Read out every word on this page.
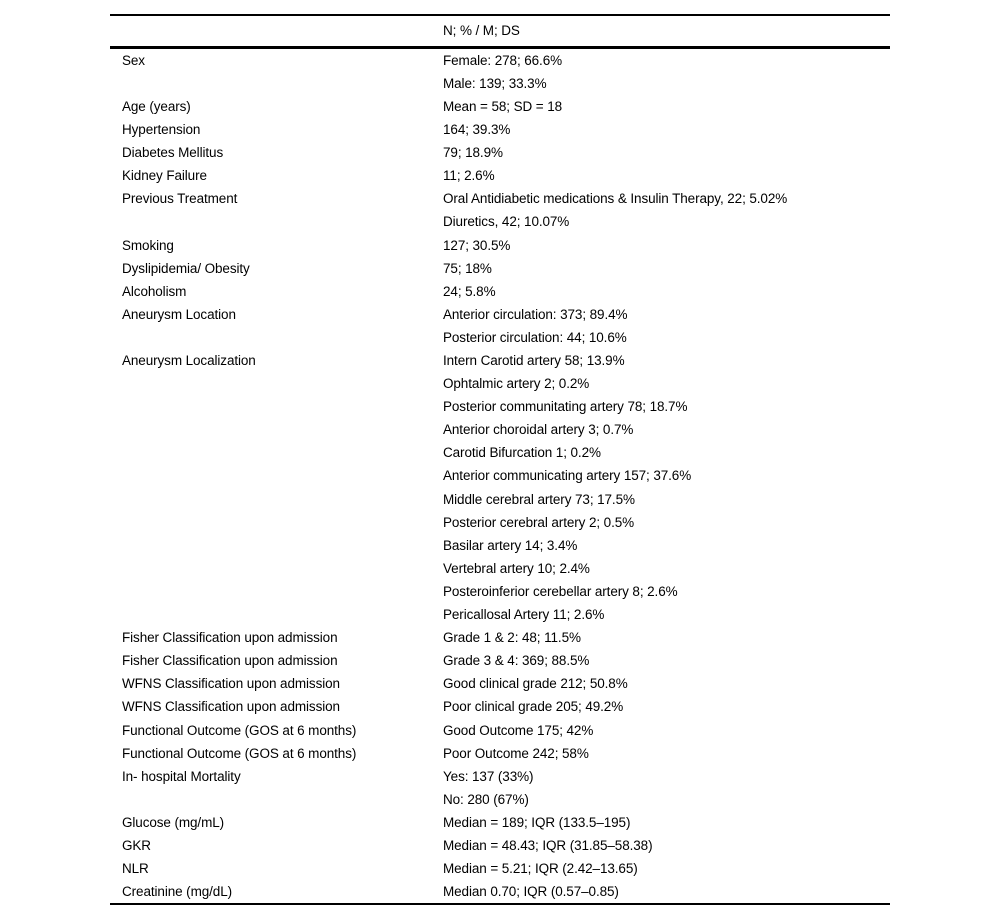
N; % / M; DS
Sex	Female: 278; 66.6%
Male: 139; 33.3%
Age (years)	Mean = 58; SD = 18
Hypertension	164; 39.3%
Diabetes Mellitus	79; 18.9%
Kidney Failure	11; 2.6%
Previous Treatment	Oral Antidiabetic medications & Insulin Therapy, 22; 5.02%
Diuretics, 42; 10.07%
Smoking	127; 30.5%
Dyslipidemia/ Obesity	75; 18%
Alcoholism	24; 5.8%
Aneurysm Location	Anterior circulation: 373; 89.4%
Posterior circulation: 44; 10.6%
Aneurysm Localization	Intern Carotid artery 58; 13.9%
Ophtalmic artery 2; 0.2%
Posterior communitating artery 78; 18.7%
Anterior choroidal artery 3; 0.7%
Carotid Bifurcation 1; 0.2%
Anterior communicating artery 157; 37.6%
Middle cerebral artery 73; 17.5%
Posterior cerebral artery 2; 0.5%
Basilar artery 14; 3.4%
Vertebral artery 10; 2.4%
Posteroinferior cerebellar artery 8; 2.6%
Pericallosal Artery 11; 2.6%
Fisher Classification upon admission	Grade 1 & 2: 48; 11.5%
Fisher Classification upon admission	Grade 3 & 4: 369; 88.5%
WFNS Classification upon admission	Good clinical grade 212; 50.8%
WFNS Classification upon admission	Poor clinical grade 205; 49.2%
Functional Outcome (GOS at 6 months)	Good Outcome 175; 42%
Functional Outcome (GOS at 6 months)	Poor Outcome 242; 58%
In- hospital Mortality	Yes: 137 (33%)
No: 280 (67%)
Glucose (mg/mL)	Median = 189; IQR (133.5–195)
GKR	Median = 48.43; IQR (31.85–58.38)
NLR	Median = 5.21; IQR (2.42–13.65)
Creatinine (mg/dL)	Median 0.70; IQR (0.57–0.85)
